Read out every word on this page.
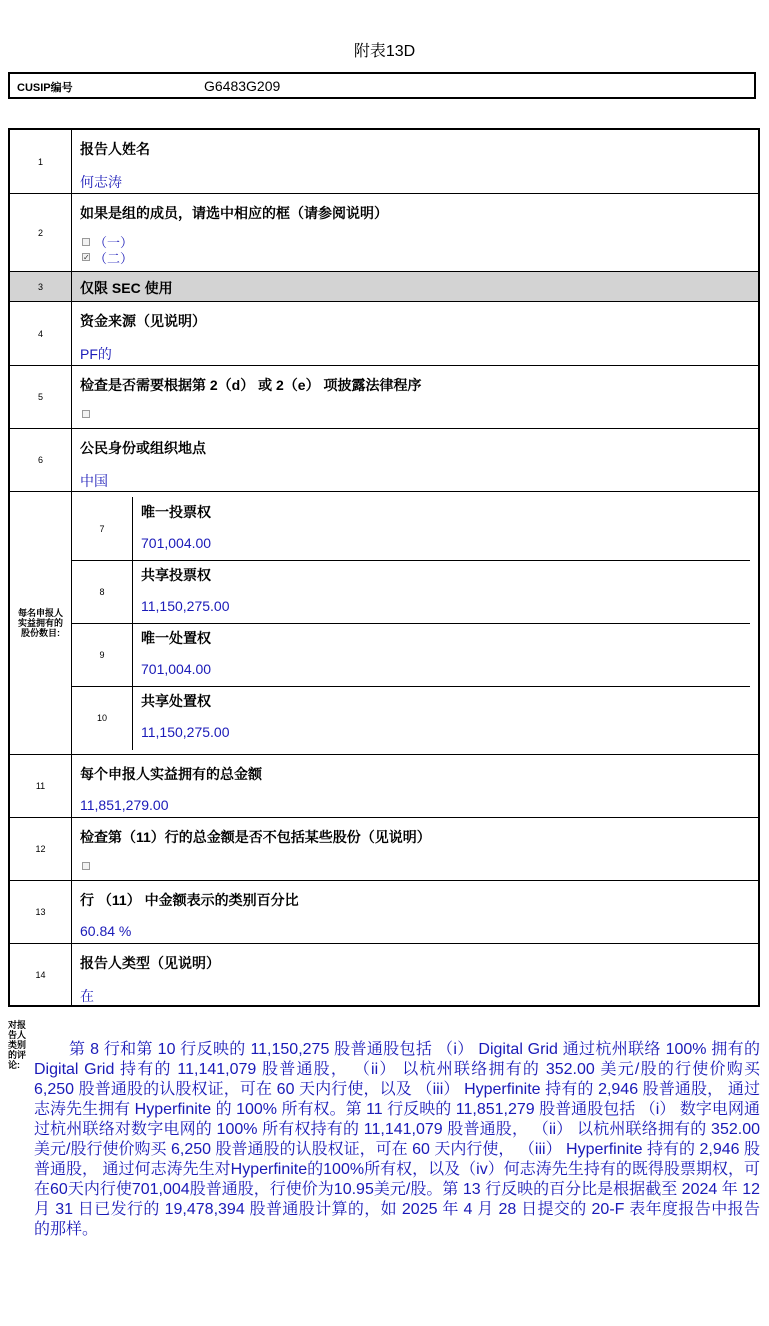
附表13D
CUSIP编号	G6483G209
1
报告人姓名
何志涛
2
如果是组的成员，请选中相应的框（请参阅说明）
（一）
✓ （二）
3	仅限 SEC 使用
4
资金来源（见说明）
PF的
5
检查是否需要根据第 2（d） 或 2（e） 项披露法律程序
6
公民身份或组织地点
中国
每名申报人实益拥有的股份数目:
7
唯一投票权
701,004.00
8
共享投票权
11,150,275.00
9
唯一处置权
701,004.00
10
共享处置权
11,150,275.00
11
每个申报人实益拥有的总金额
11,851,279.00
12
检查第（11）行的总金额是否不包括某些股份（见说明）
13
行 （11） 中金额表示的类别百分比
60.84 %
14
报告人类型（见说明）
在
对报告人类别的评论:

第 8 行和第 10 行反映的 11,150,275 股普通股包括 （i） Digital Grid 通过杭州联络 100% 拥有的 Digital Grid 持有的 11,141,079 股普通股， （ii） 以杭州联络拥有的 352.00 美元/股的行使价购买 6,250 股普通股的认股权证，可在 60 天内行使，以及 （iii） Hyperfinite 持有的 2,946 股普通股， 通过志涛先生拥有 Hyperfinite 的 100% 所有权。第 11 行反映的 11,851,279 股普通股包括 （i） 数字电网通过杭州联络对数字电网的 100% 所有权持有的 11,141,079 股普通股， （ii） 以杭州联络拥有的 352.00 美元/股行使价购买 6,250 股普通股的认股权证，可在 60 天内行使， （iii） Hyperfinite 持有的 2,946 股普通股， 通过何志涛先生对Hyperfinite的100%所有权，以及（iv）何志涛先生持有的既得股票期权，可在60天内行使701,004股普通股，行使价为10.95美元/股。第 13 行反映的百分比是根据截至 2024 年 12 月 31 日已发行的 19,478,394 股普通股计算的，如 2025 年 4 月 28 日提交的 20-F 表年度报告中报告的那样。
